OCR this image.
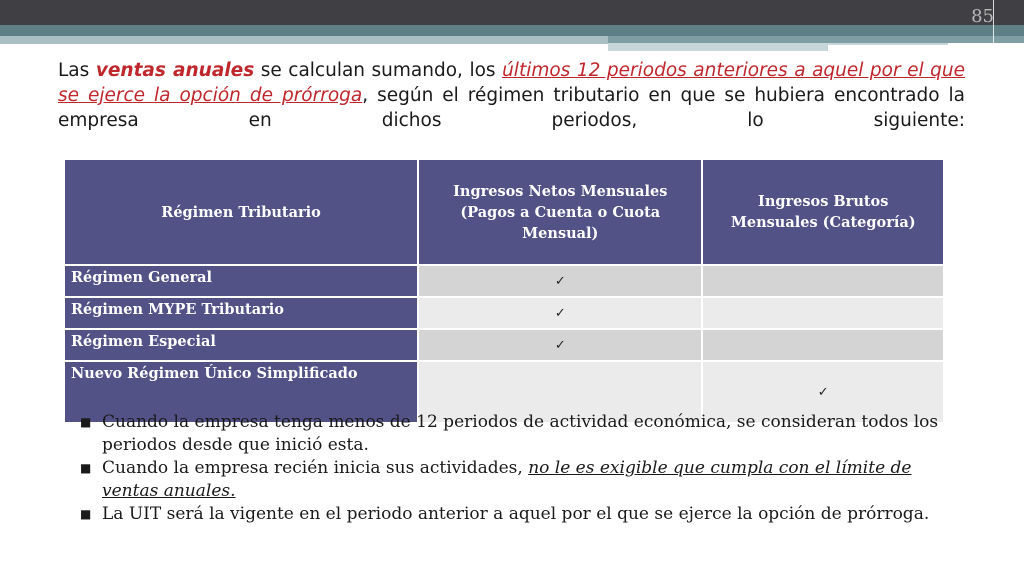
85

Las ventas anuales se calculan sumando, los últimos 12 periodos anteriores a aquel por el que se ejerce la opción de prórroga, según el régimen tributario en que se hubiera encontrado la empresa en dichos periodos, lo siguiente:

Régimen Tributario	Ingresos Netos Mensuales (Pagos a Cuenta o Cuota Mensual)	Ingresos Brutos Mensuales (Categoría)
Régimen General	✓	
Régimen MYPE Tributario	✓	
Régimen Especial	✓	
Nuevo Régimen Único Simplificado		✓
■ Cuando la empresa tenga menos de 12 periodos de actividad económica, se consideran todos los periodos desde que inició esta.
■ Cuando la empresa recién inicia sus actividades, no le es exigible que cumpla con el límite de ventas anuales.
■ La UIT será la vigente en el periodo anterior a aquel por el que se ejerce la opción de prórroga.
